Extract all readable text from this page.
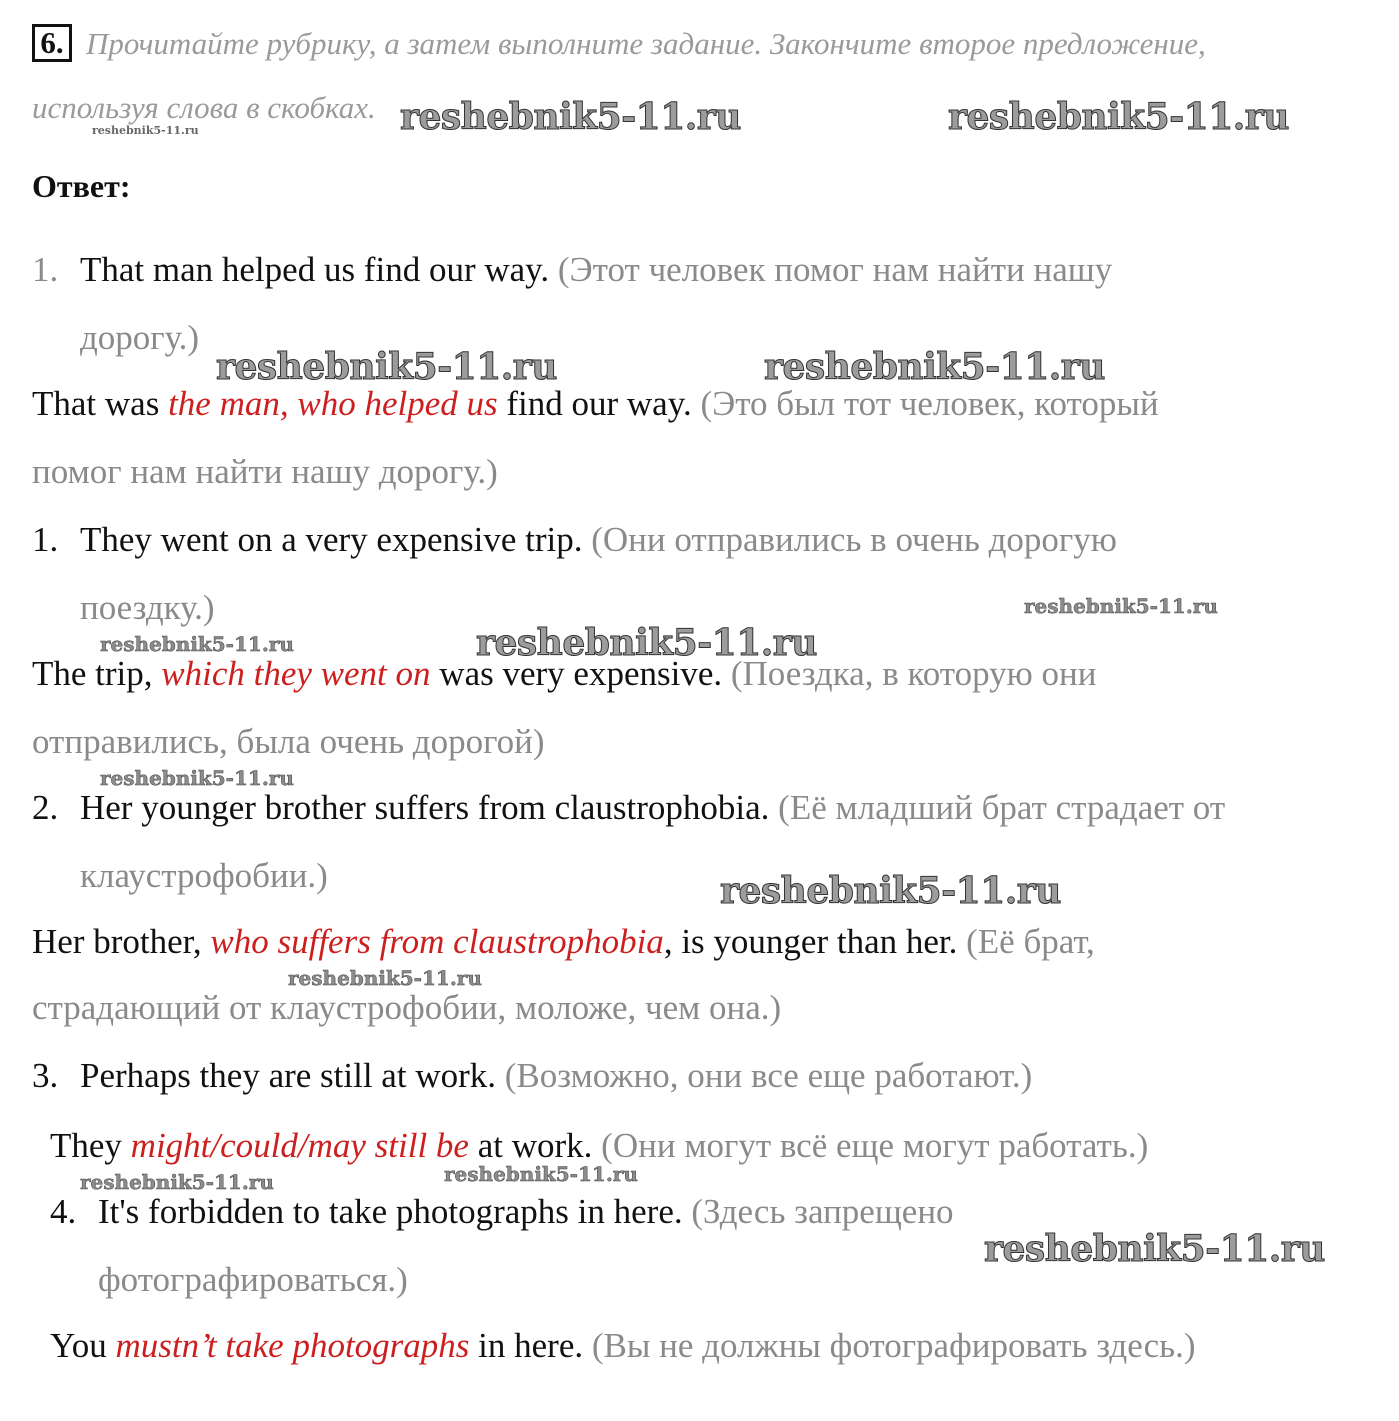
6. Прочитайте рубрику, а затем выполните задание. Закончите второе предложение,
используя слова в скобках. reshebnik5-11.ru	reshebnik5-11.ru
reshebnik5-11.ru
Ответ:
1. That man helped us find our way. (Этот человек помог нам найти нашу
дорогу.)
reshebnik5-11.ru	reshebnik5-11.ru
That was the man, who helped us find our way. (Это был тот человек, который
помог нам найти нашу дорогу.)
1. They went on a very expensive trip. (Они отправились в очень дорогую
поездку.)	reshebnik5-11.ru
reshebnik5-11.ru	reshebnik5-11.ru
The trip, which they went on was very expensive. (Поездка, в которую они
отправились, была очень дорогой)
reshebnik5-11.ru
2. Her younger brother suffers from claustrophobia. (Её младший брат страдает от
клаустрофобии.)	reshebnik5-11.ru
Her brother, who suffers from claustrophobia, is younger than her. (Её брат,
reshebnik5-11.ru
страдающий от клаустрофобии, моложе, чем она.)
3. Perhaps they are still at work. (Возможно, они все еще работают.)
They might/could/may still be at work. (Они могут всё еще могут работать.)
reshebnik5-11.ru	reshebnik5-11.ru
4. It's forbidden to take photographs in here. (Здесь запрещено
reshebnik5-11.ru
фотографироваться.)
You mustn’t take photographs in here. (Вы не должны фотографировать здесь.)
